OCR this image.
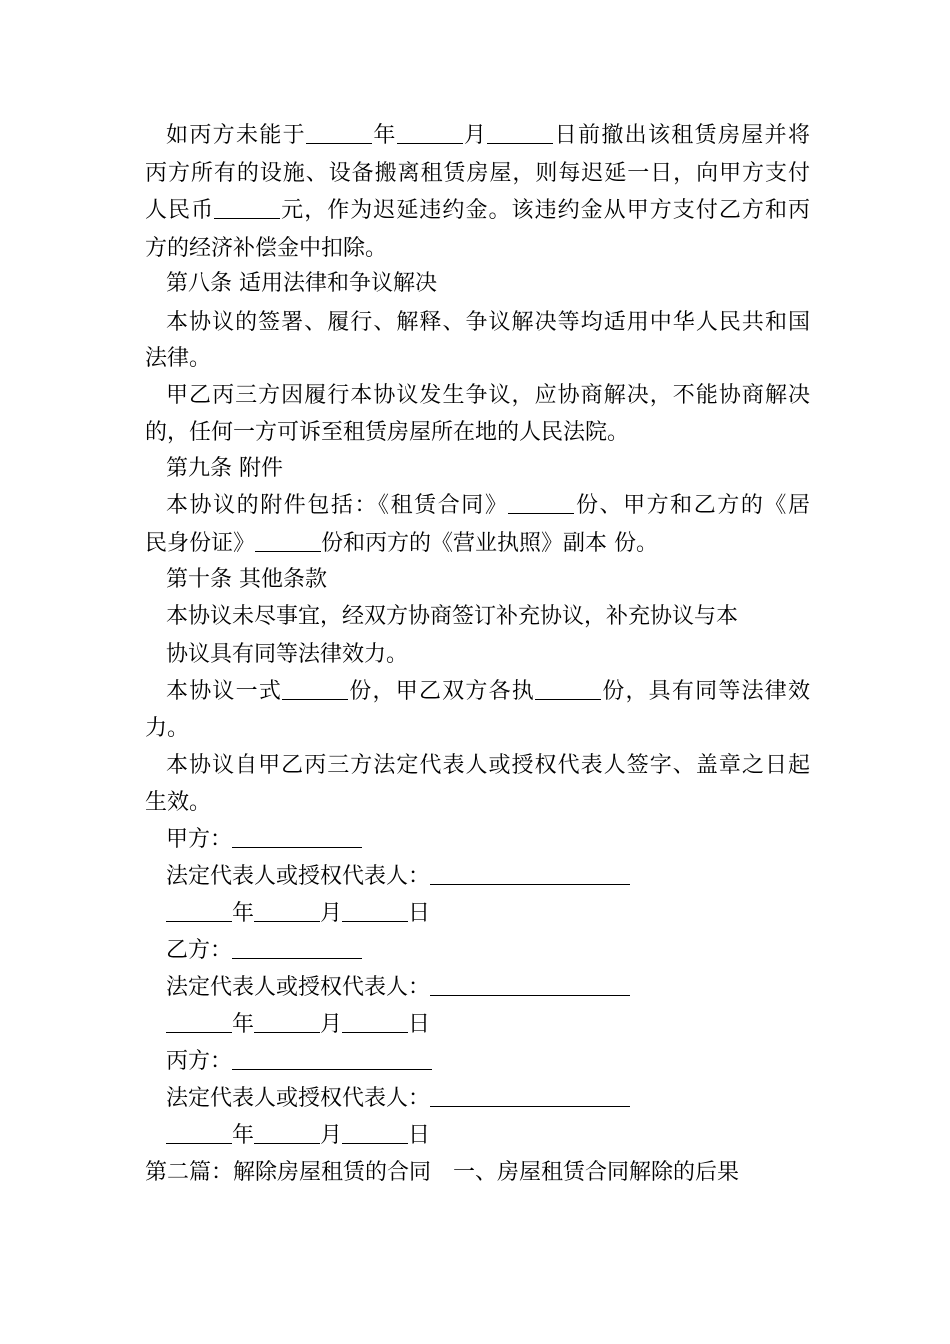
如丙方未能于	年	月	日前撤出该租赁房屋并将
丙方所有的设施、设备搬离租赁房屋，则每迟延一日，向甲方支付
人民币	元，作为迟延违约金。该违约金从甲方支付乙方和丙
方的经济补偿金中扣除。
第八条 适用法律和争议解决
本协议的签署、履行、解释、争议解决等均适用中华人民共和国
法律。
甲乙丙三方因履行本协议发生争议，应协商解决，不能协商解决
的，任何一方可诉至租赁房屋所在地的人民法院。
第九条 附件
本协议的附件包括：《租赁合同》	份、甲方和乙方的《居
民身份证》	份和丙方的《营业执照》副本 份。
第十条 其他条款
本协议未尽事宜，经双方协商签订补充协议，补充协议与本
协议具有同等法律效力。
本协议一式	份，甲乙双方各执	份，具有同等法律效
力。
本协议自甲乙丙三方法定代表人或授权代表人签字、盖章之日起
生效。
甲方：
法定代表人或授权代表人：
年	月	日
乙方：
法定代表人或授权代表人：
年	月	日
丙方：
法定代表人或授权代表人：
年	月	日
第二篇：解除房屋租赁的合同 一、房屋租赁合同解除的后果
